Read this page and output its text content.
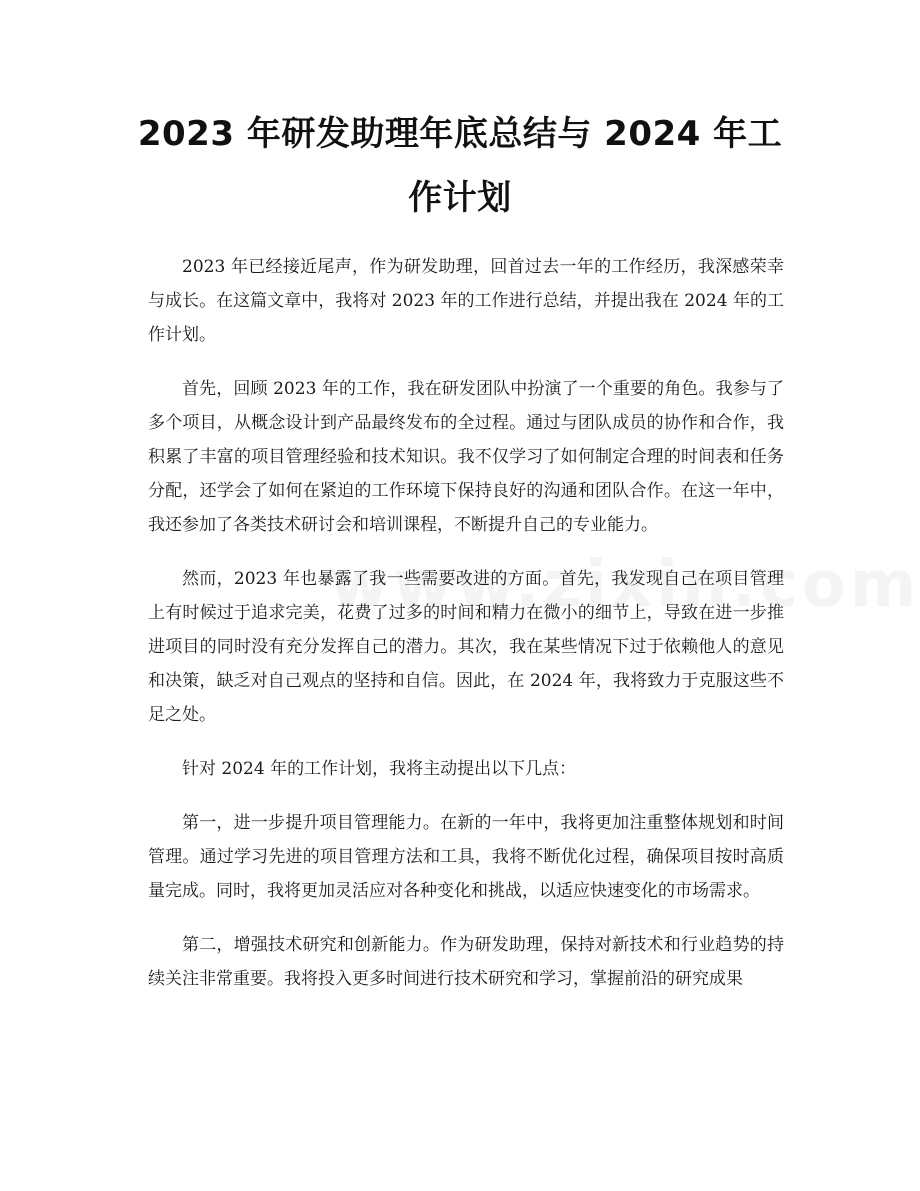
2023 年研发助理年底总结与 2024 年工作计划

2023 年已经接近尾声，作为研发助理，回首过去一年的工作经历，我深感荣幸与成长。在这篇文章中，我将对 2023 年的工作进行总结，并提出我在 2024 年的工作计划。

首先，回顾 2023 年的工作，我在研发团队中扮演了一个重要的角色。我参与了多个项目，从概念设计到产品最终发布的全过程。通过与团队成员的协作和合作，我积累了丰富的项目管理经验和技术知识。我不仅学习了如何制定合理的时间表和任务分配，还学会了如何在紧迫的工作环境下保持良好的沟通和团队合作。在这一年中，我还参加了各类技术研讨会和培训课程，不断提升自己的专业能力。

然而，2023 年也暴露了我一些需要改进的方面。首先，我发现自己在项目管理上有时候过于追求完美，花费了过多的时间和精力在微小的细节上，导致在进一步推进项目的同时没有充分发挥自己的潜力。其次，我在某些情况下过于依赖他人的意见和决策，缺乏对自己观点的坚持和自信。因此，在 2024 年，我将致力于克服这些不足之处。

针对 2024 年的工作计划，我将主动提出以下几点：

第一，进一步提升项目管理能力。在新的一年中，我将更加注重整体规划和时间管理。通过学习先进的项目管理方法和工具，我将不断优化过程，确保项目按时高质量完成。同时，我将更加灵活应对各种变化和挑战，以适应快速变化的市场需求。

第二，增强技术研究和创新能力。作为研发助理，保持对新技术和行业趋势的持续关注非常重要。我将投入更多时间进行技术研究和学习，掌握前沿的研究成果
